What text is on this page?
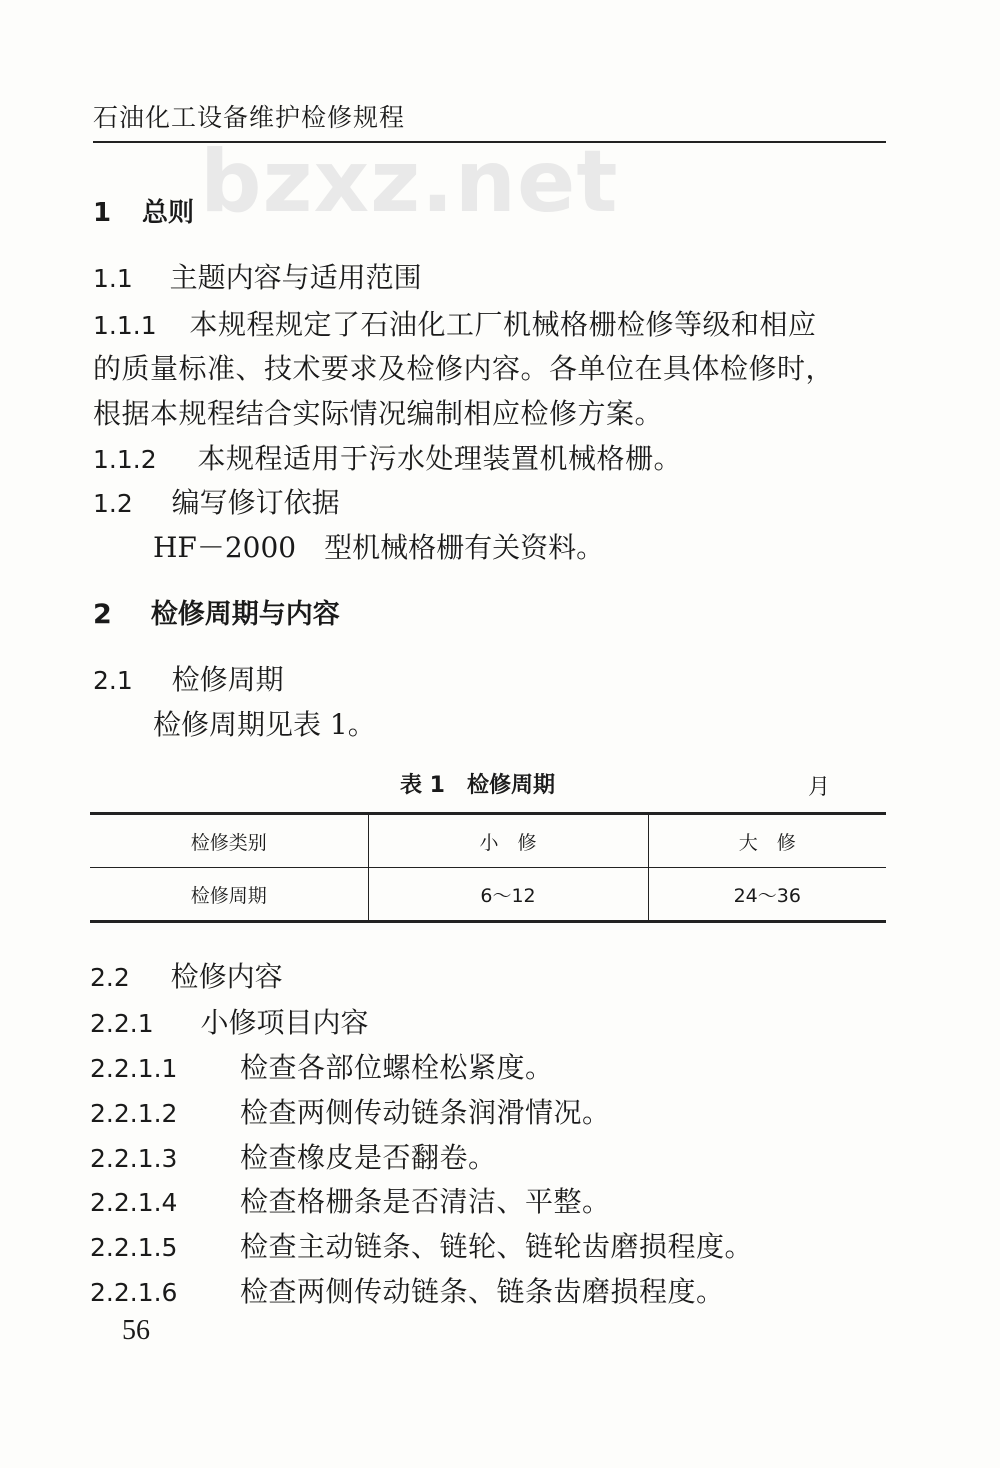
石油化工设备维护检修规程
bzxz.net
1 总则
1.1 主题内容与适用范围
1.1.1 本规程规定了石油化工厂机械格栅检修等级和相应
的质量标准、技术要求及检修内容。各单位在具体检修时，
根据本规程结合实际情况编制相应检修方案。
1.1.2 本规程适用于污水处理装置机械格栅。
1.2 编写修订依据
HF－2000　型机械格栅有关资料。
2 检修周期与内容
2.1 检修周期
检修周期见表 1。
表 1　检修周期	月
检修类别	小　修	大　修
检修周期	6～12	24～36
2.2 检修内容
2.2.1 小修项目内容
2.2.1.1 检查各部位螺栓松紧度。
2.2.1.2 检查两侧传动链条润滑情况。
2.2.1.3 检查橡皮是否翻卷。
2.2.1.4 检查格栅条是否清洁、平整。
2.2.1.5 检查主动链条、链轮、链轮齿磨损程度。
2.2.1.6 检查两侧传动链条、链条齿磨损程度。
56
